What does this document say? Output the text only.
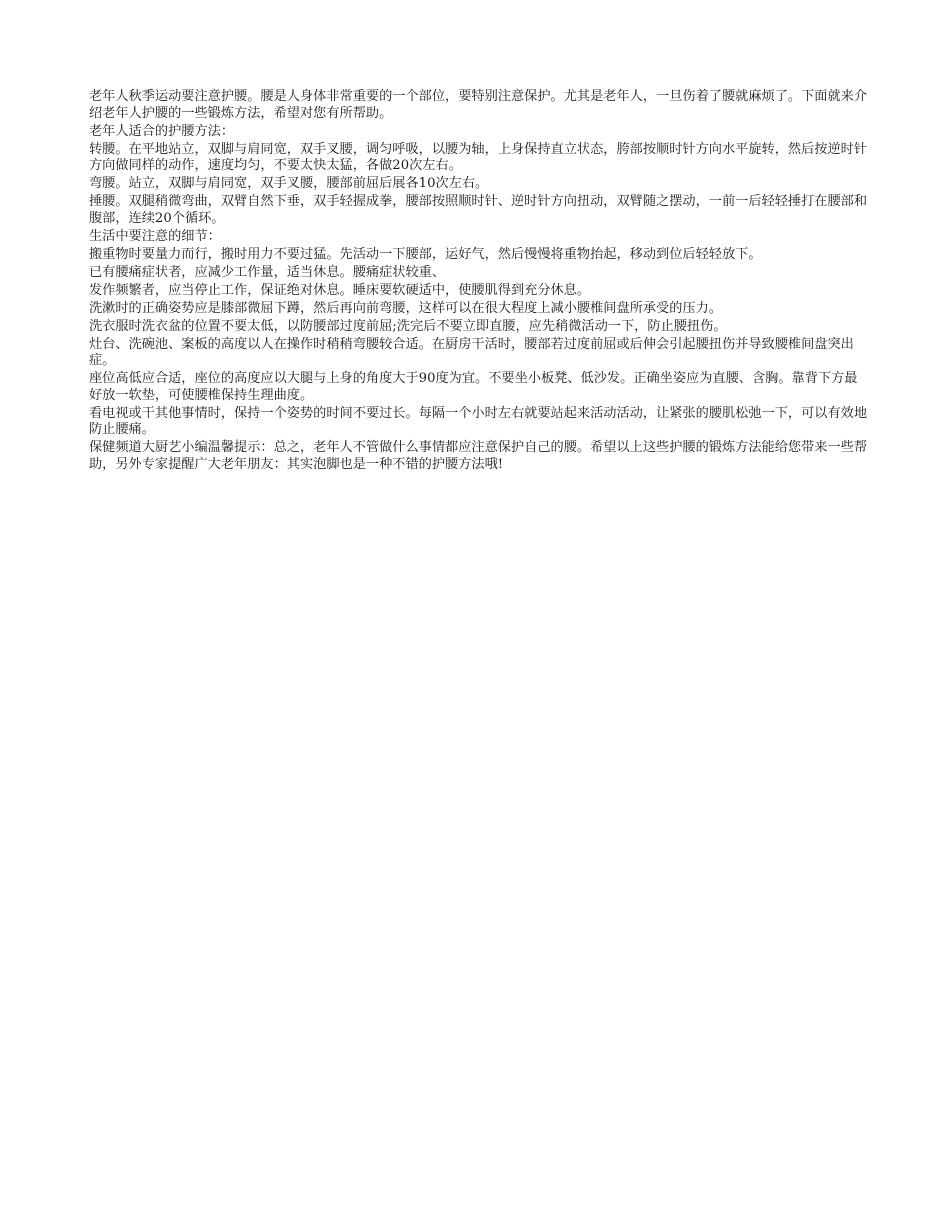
老年人秋季运动要注意护腰。腰是人身体非常重要的一个部位，要特别注意保护。尤其是老年人，一旦伤着了腰就麻烦了。下面就来介绍老年人护腰的一些锻炼方法，希望对您有所帮助。

老年人适合的护腰方法：

转腰。在平地站立，双脚与肩同宽，双手叉腰，调匀呼吸，以腰为轴，上身保持直立状态，胯部按顺时针方向水平旋转，然后按逆时针方向做同样的动作，速度均匀，不要太快太猛，各做20次左右。

弯腰。站立，双脚与肩同宽，双手叉腰，腰部前屈后展各10次左右。

捶腰。双腿稍微弯曲，双臂自然下垂，双手轻握成拳，腰部按照顺时针、逆时针方向扭动，双臂随之摆动，一前一后轻轻捶打在腰部和腹部，连续20个循环。

生活中要注意的细节：

搬重物时要量力而行，搬时用力不要过猛。先活动一下腰部，运好气，然后慢慢将重物抬起，移动到位后轻轻放下。

已有腰痛症状者，应减少工作量，适当休息。腰痛症状较重、

发作频繁者，应当停止工作，保证绝对休息。睡床要软硬适中，使腰肌得到充分休息。

洗漱时的正确姿势应是膝部微屈下蹲，然后再向前弯腰，这样可以在很大程度上减小腰椎间盘所承受的压力。

洗衣服时洗衣盆的位置不要太低，以防腰部过度前屈;洗完后不要立即直腰，应先稍微活动一下，防止腰扭伤。

灶台、洗碗池、案板的高度以人在操作时稍稍弯腰较合适。在厨房干活时，腰部若过度前屈或后伸会引起腰扭伤并导致腰椎间盘突出症。

座位高低应合适，座位的高度应以大腿与上身的角度大于90度为宜。不要坐小板凳、低沙发。正确坐姿应为直腰、含胸。靠背下方最好放一软垫，可使腰椎保持生理曲度。

看电视或干其他事情时，保持一个姿势的时间不要过长。每隔一个小时左右就要站起来活动活动，让紧张的腰肌松弛一下，可以有效地防止腰痛。

保健频道大厨艺小编温馨提示：总之，老年人不管做什么事情都应注意保护自己的腰。希望以上这些护腰的锻炼方法能给您带来一些帮助，另外专家提醒广大老年朋友：其实泡脚也是一种不错的护腰方法哦!
